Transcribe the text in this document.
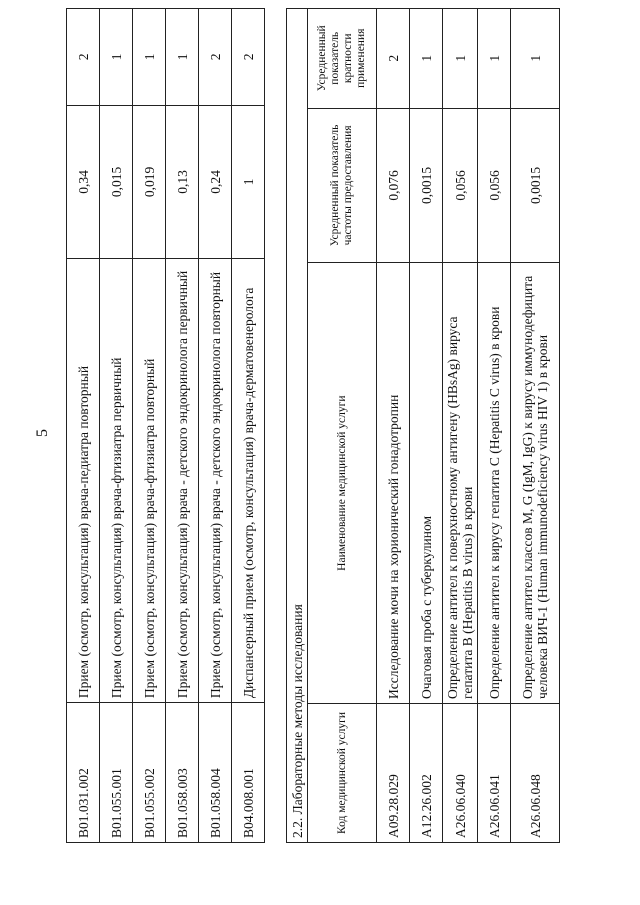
5
B01.031.002	Прием (осмотр, консультация) врача-педиатра повторный	0,34	2
B01.055.001	Прием (осмотр, консультация) врача-фтизиатра первичный	0,015	1
B01.055.002	Прием (осмотр, консультация) врача-фтизиатра повторный	0,019	1
B01.058.003	Прием (осмотр, консультация) врача - детского эндокринолога первичный	0,13	1
B01.058.004	Прием (осмотр, консультация) врача - детского эндокринолога повторный	0,24	2
B04.008.001	Диспансерный прием (осмотр, консультация) врача-дерматовенеролога	1	2
2.2. Лабораторные методы исследования			
Код медицинской услуги	Наименование медицинской услуги	Усредненный показатель частоты предоставления	Усредненный показатель кратности применения
A09.28.029	Исследование мочи на хорионический гонадотропин	0,076	2
A12.26.002	Очаговая проба с туберкулином	0,0015	1
A26.06.040	Определение антител к поверхностному антигену (HBsAg) вируса гепатита B (Hepatitis B virus) в крови	0,056	1
A26.06.041	Определение антител к вирусу гепатита C (Hepatitis C virus) в крови	0,056	1
A26.06.048	Определение антител классов M, G (IgM, IgG) к вирусу иммунодефицита человека ВИЧ-1 (Human immunodeficiency virus HIV 1) в крови	0,0015	1
